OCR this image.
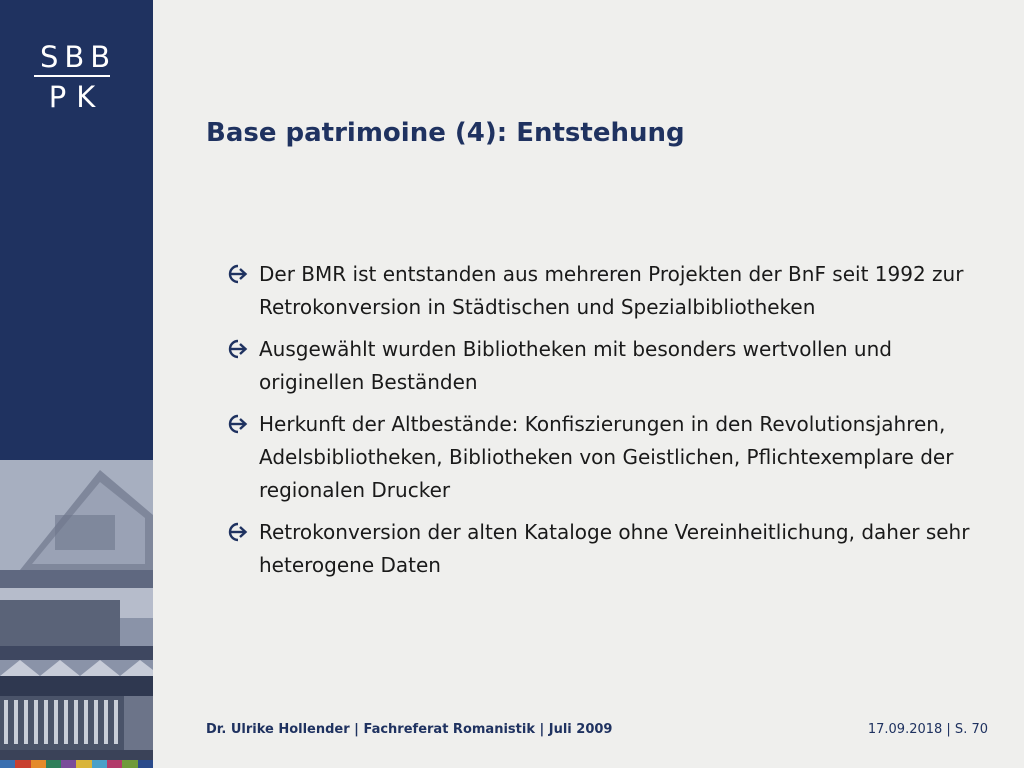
SBB
PK
Base patrimoine (4): Entstehung
Der BMR ist entstanden aus mehreren Projekten der BnF seit 1992 zur Retrokonversion in Städtischen und Spezialbibliotheken
Ausgewählt wurden Bibliotheken mit besonders wertvollen und originellen Beständen
Herkunft der Altbestände: Konfiszierungen in den Revolutionsjahren, Adelsbibliotheken, Bibliotheken von Geistlichen, Pflichtexemplare der regionalen Drucker
Retrokonversion der alten Kataloge ohne Vereinheitlichung, daher sehr heterogene Daten
Dr. Ulrike Hollender | Fachreferat Romanistik | Juli 2009	17.09.2018 | S. 70
